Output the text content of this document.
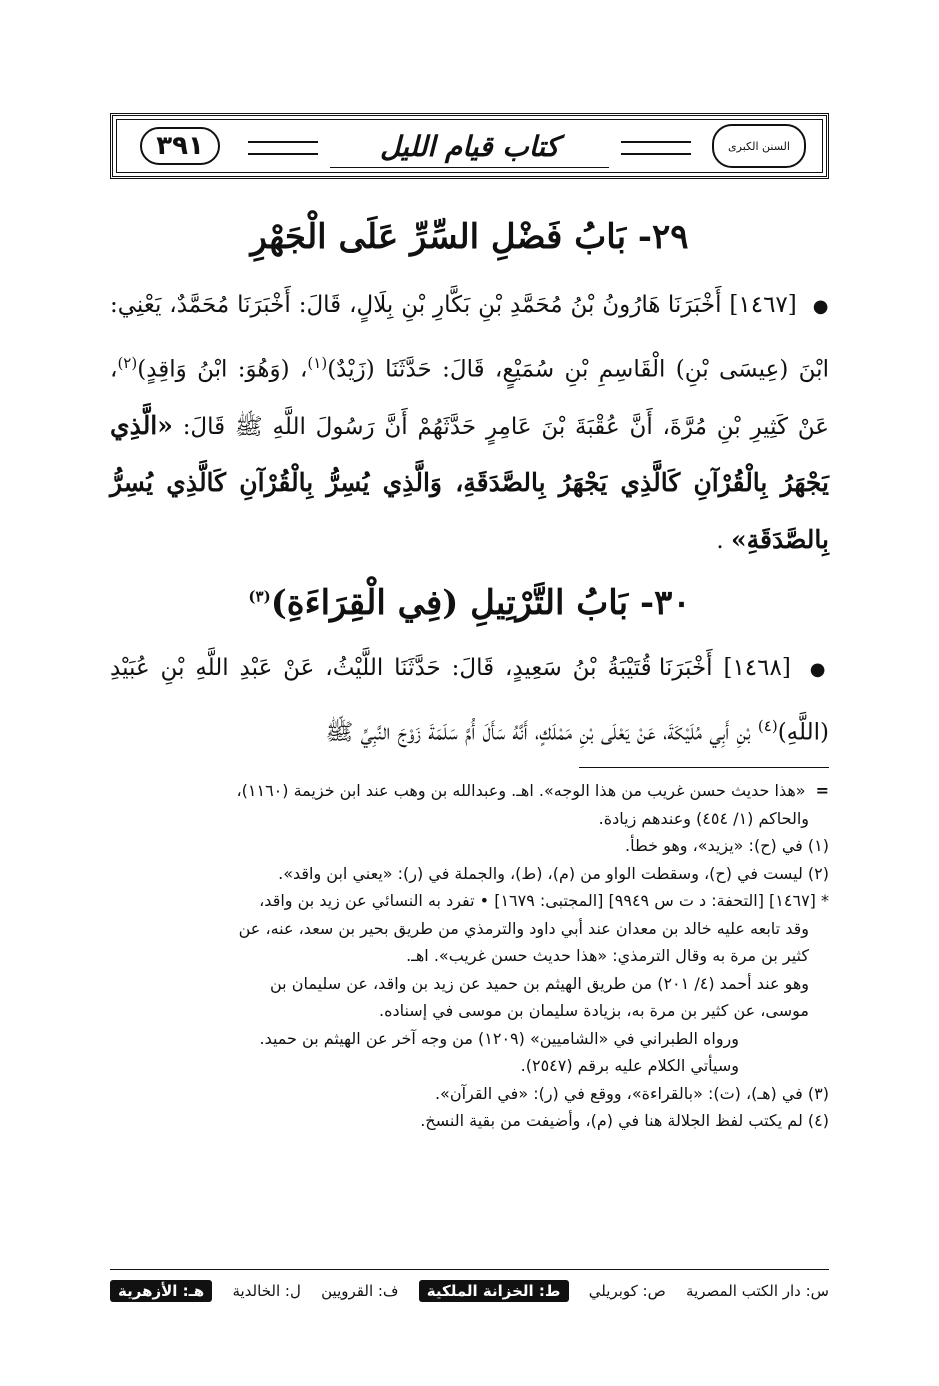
السنن الكبرى
كتاب قيام الليل
٣٩١
٢٩- بَابُ فَضْلِ السِّرِّ عَلَى الْجَهْرِ
● [١٤٦٧] أَخْبَرَنَا هَارُونُ بْنُ مُحَمَّدِ بْنِ بَكَّارِ بْنِ بِلَالٍ، قَالَ: أَخْبَرَنَا مُحَمَّدٌ، يَعْنِي: ابْنَ (عِيسَى بْنِ) الْقَاسِمِ بْنِ سُمَيْعٍ، قَالَ: حَدَّثَنَا (زَيْدٌ)$^{(١)}$، (وَهُوَ: ابْنُ وَاقِدٍ)$^{(٢)}$، عَنْ كَثِيرِ بْنِ مُرَّةَ، أَنَّ عُقْبَةَ بْنَ عَامِرٍ حَدَّثَهُمْ أَنَّ رَسُولَ اللَّهِ ﷺ قَالَ: «الَّذِي يَجْهَرُ بِالْقُرْآنِ كَالَّذِي يَجْهَرُ بِالصَّدَقَةِ، وَالَّذِي يُسِرُّ بِالْقُرْآنِ كَالَّذِي يُسِرُّ بِالصَّدَقَةِ» .
٣٠- بَابُ التَّرْتِيلِ (فِي الْقِرَاءَةِ)$^{(٣)}$
● [١٤٦٨] أَخْبَرَنَا قُتَيْبَةُ بْنُ سَعِيدٍ، قَالَ: حَدَّثَنَا اللَّيْثُ، عَنْ عَبْدِ اللَّهِ بْنِ عُبَيْدِ (اللَّهِ)$^{(٤)}$ بْنِ أَبِي مُلَيْكَةَ، عَنْ يَعْلَى بْنِ مَمْلَكٍ، أَنَّهُ سَأَلَ أُمَّ سَلَمَةَ زَوْجَ النَّبِيِّ ﷺ

=«هذا حديث حسن غريب من هذا الوجه». اهـ. وعبدالله بن وهب عند ابن خزيمة (١١٦٠)،

والحاكم (١/ ٤٥٤) وعندهم زيادة.

(١) في (ح): «يزيد»، وهو خطأ.

(٢) ليست في (ح)، وسقطت الواو من (م)، (ط)، والجملة في (ر): «يعني ابن واقد».

* [١٤٦٧] [التحفة: د ت س ٩٩٤٩] [المجتبى: ١٦٧٩] • تفرد به النسائي عن زيد بن واقد،

وقد تابعه عليه خالد بن معدان عند أبي داود والترمذي من طريق بحير بن سعد، عنه، عن

كثير بن مرة به وقال الترمذي: «هذا حديث حسن غريب». اهـ.

وهو عند أحمد (٤/ ٢٠١) من طريق الهيثم بن حميد عن زيد بن واقد، عن سليمان بن

موسى، عن كثير بن مرة به، بزيادة سليمان بن موسى في إسناده.

ورواه الطبراني في «الشاميين» (١٢٠٩) من وجه آخر عن الهيثم بن حميد.

وسيأتي الكلام عليه برقم (٢٥٤٧).

(٣) في (هـ)، (ت): «بالقراءة»، ووقع في (ر): «في القرآن».

(٤) لم يكتب لفظ الجلالة هنا في (م)، وأضيفت من بقية النسخ.

س: دار الكتب المصرية
ص: كوبريلي
ط: الخزانة الملكية
ف: القرويين
ل: الخالدية
هـ: الأزهرية
